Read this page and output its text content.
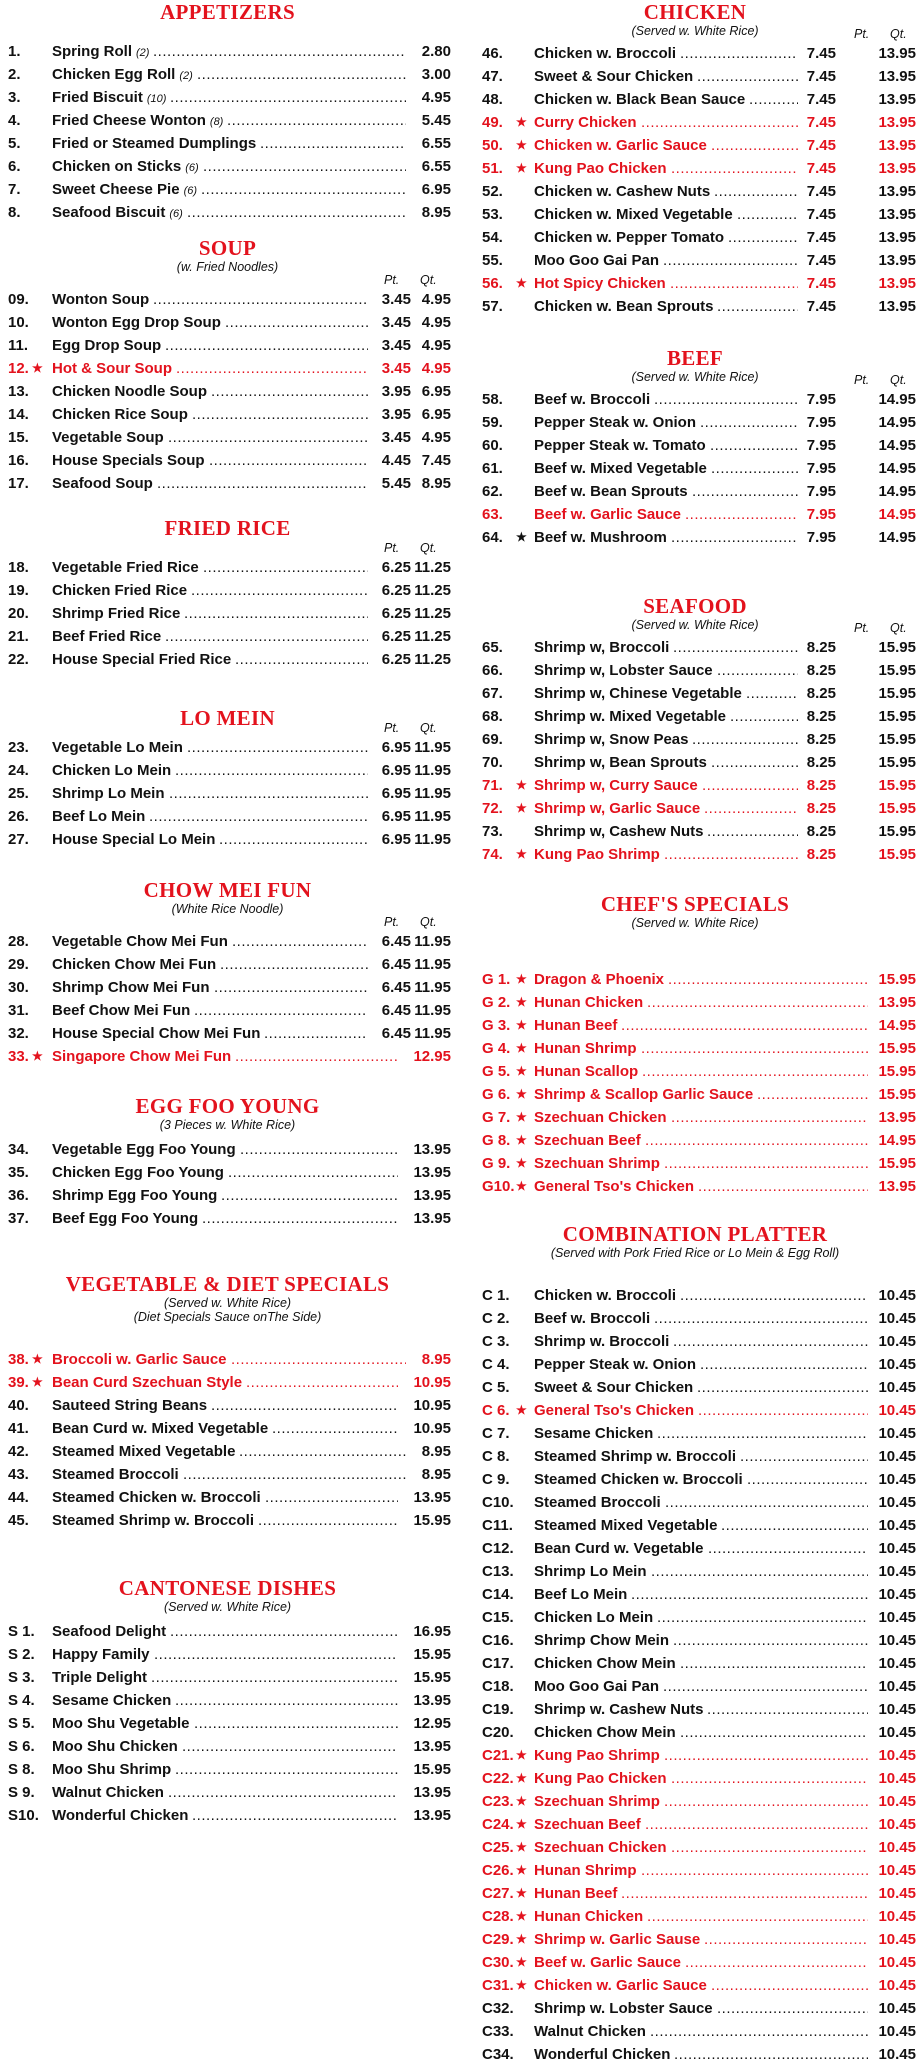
APPETIZERS
1. Spring Roll (2) .....	2.80
2. Chicken Egg Roll (2) .....	3.00
3. Fried Biscuit (10) .....	4.95
4. Fried Cheese Wonton (8) .....	5.45
5. Fried or Steamed Dumplings .....	6.55
6. Chicken on Sticks (6) .....	6.55
7. Sweet Cheese Pie (6) .....	6.95
8. Seafood Biscuit (6) .....	8.95
SOUP
(w. Fried Noodles)
Pt. Qt.
09. Wonton Soup .....	3.45 4.95
10. Wonton Egg Drop Soup .....	3.45 4.95
11. Egg Drop Soup .....	3.45 4.95
12. ★ Hot & Sour Soup .....	3.45 4.95
13. Chicken Noodle Soup .....	3.95 6.95
14. Chicken Rice Soup .....	3.95 6.95
15. Vegetable Soup .....	3.45 4.95
16. House Specials Soup .....	4.45 7.45
17. Seafood Soup .....	5.45 8.95
FRIED RICE
Pt. Qt.
18. Vegetable Fried Rice .....	6.25 11.25
19. Chicken Fried Rice .....	6.25 11.25
20. Shrimp Fried Rice .....	6.25 11.25
21. Beef Fried Rice .....	6.25 11.25
22. House Special Fried Rice .....	6.25 11.25
LO MEIN	Pt. Qt.
23. Vegetable Lo Mein .....	6.95 11.95
24. Chicken Lo Mein .....	6.95 11.95
25. Shrimp Lo Mein .....	6.95 11.95
26. Beef Lo Mein .....	6.95 11.95
27. House Special Lo Mein .....	6.95 11.95
CHOW MEI FUN
(White Rice Noodle)
Pt. Qt.
28. Vegetable Chow Mei Fun .....	6.45 11.95
29. Chicken Chow Mei Fun .....	6.45 11.95
30. Shrimp Chow Mei Fun .....	6.45 11.95
31. Beef Chow Mei Fun .....	6.45 11.95
32. House Special Chow Mei Fun .....	6.45 11.95
33. ★ Singapore Chow Mei Fun .....	12.95
EGG FOO YOUNG
(3 Pieces w. White Rice)
34. Vegetable Egg Foo Young .....	13.95
35. Chicken Egg Foo Young .....	13.95
36. Shrimp Egg Foo Young .....	13.95
37. Beef Egg Foo Young .....	13.95
VEGETABLE & DIET SPECIALS
(Served w. White Rice)
(Diet Specials Sauce onThe Side)
38. ★ Broccoli w. Garlic Sauce .....	8.95
39. ★ Bean Curd Szechuan Style .....	10.95
40. Sauteed String Beans .....	10.95
41. Bean Curd w. Mixed Vegetable .....	10.95
42. Steamed Mixed Vegetable .....	8.95
43. Steamed Broccoli .....	8.95
44. Steamed Chicken w. Broccoli .....	13.95
45. Steamed Shrimp w. Broccoli .....	15.95
CANTONESE DISHES
(Served w. White Rice)
S 1. Seafood Delight .....	16.95
S 2. Happy Family .....	15.95
S 3. Triple Delight .....	15.95
S 4. Sesame Chicken .....	13.95
S 5. Moo Shu Vegetable .....	12.95
S 6. Moo Shu Chicken .....	13.95
S 8. Moo Shu Shrimp .....	15.95
S 9. Walnut Chicken .....	13.95
S10. Wonderful Chicken .....	13.95
CHICKEN
(Served w. White Rice)	Pt. Qt.
46. Chicken w. Broccoli .....	7.45	13.95
47. Sweet & Sour Chicken .....	7.45	13.95
48. Chicken w. Black Bean Sauce .....	7.45	13.95
49. ★ Curry Chicken .....	7.45	13.95
50. ★ Chicken w. Garlic Sauce .....	7.45	13.95
51. ★ Kung Pao Chicken .....	7.45	13.95
52. Chicken w. Cashew Nuts .....	7.45	13.95
53. Chicken w. Mixed Vegetable .....	7.45	13.95
54. Chicken w. Pepper Tomato .....	7.45	13.95
55. Moo Goo Gai Pan .....	7.45	13.95
56. ★ Hot Spicy Chicken .....	7.45	13.95
57. Chicken w. Bean Sprouts .....	7.45	13.95
BEEF
(Served w. White Rice)	Pt. Qt.
58. Beef w. Broccoli .....	7.95	14.95
59. Pepper Steak w. Onion .....	7.95	14.95
60. Pepper Steak w. Tomato .....	7.95	14.95
61. Beef w. Mixed Vegetable .....	7.95	14.95
62. Beef w. Bean Sprouts .....	7.95	14.95
63. Beef w. Garlic Sauce .....	7.95	14.95
64. ★ Beef w. Mushroom .....	7.95	14.95
SEAFOOD
(Served w. White Rice)	Pt. Qt.
65. Shrimp w, Broccoli .....	8.25	15.95
66. Shrimp w, Lobster Sauce .....	8.25	15.95
67. Shrimp w, Chinese Vegetable .....	8.25	15.95
68. Shrimp w. Mixed Vegetable .....	8.25	15.95
69. Shrimp w, Snow Peas .....	8.25	15.95
70. Shrimp w, Bean Sprouts .....	8.25	15.95
71. ★ Shrimp w, Curry Sauce .....	8.25	15.95
72. ★ Shrimp w, Garlic Sauce .....	8.25	15.95
73. Shrimp w, Cashew Nuts .....	8.25	15.95
74. ★ Kung Pao Shrimp .....	8.25	15.95
CHEF'S SPECIALS
(Served w. White Rice)
G 1. ★ Dragon & Phoenix .....	15.95
G 2. ★ Hunan Chicken .....	13.95
G 3. ★ Hunan Beef .....	14.95
G 4. ★ Hunan Shrimp .....	15.95
G 5. ★ Hunan Scallop .....	15.95
G 6. ★ Shrimp & Scallop Garlic Sauce .....	15.95
G 7. ★ Szechuan Chicken .....	13.95
G 8. ★ Szechuan Beef .....	14.95
G 9. ★ Szechuan Shrimp .....	15.95
G10. ★ General Tso's Chicken .....	13.95
COMBINATION PLATTER
(Served with Pork Fried Rice or Lo Mein & Egg Roll)
C 1. Chicken w. Broccoli .....	10.45
C 2. Beef w. Broccoli .....	10.45
C 3. Shrimp w. Broccoli .....	10.45
C 4. Pepper Steak w. Onion .....	10.45
C 5. Sweet & Sour Chicken .....	10.45
C 6. ★ General Tso's Chicken .....	10.45
C 7. Sesame Chicken .....	10.45
C 8. Steamed Shrimp w. Broccoli .....	10.45
C 9. Steamed Chicken w. Broccoli .....	10.45
C10. Steamed Broccoli .....	10.45
C11. Steamed Mixed Vegetable .....	10.45
C12. Bean Curd w. Vegetable .....	10.45
C13. Shrimp Lo Mein .....	10.45
C14. Beef Lo Mein .....	10.45
C15. Chicken Lo Mein .....	10.45
C16. Shrimp Chow Mein .....	10.45
C17. Chicken Chow Mein .....	10.45
C18. Moo Goo Gai Pan .....	10.45
C19. Shrimp w. Cashew Nuts .....	10.45
C20. Chicken Chow Mein .....	10.45
C21. ★ Kung Pao Shrimp .....	10.45
C22. ★ Kung Pao Chicken .....	10.45
C23. ★ Szechuan Shrimp .....	10.45
C24. ★ Szechuan Beef .....	10.45
C25. ★ Szechuan Chicken .....	10.45
C26. ★ Hunan Shrimp .....	10.45
C27. ★ Hunan Beef .....	10.45
C28. ★ Hunan Chicken .....	10.45
C29. ★ Shrimp w. Garlic Sause .....	10.45
C30. ★ Beef w. Garlic Sauce .....	10.45
C31. ★ Chicken w. Garlic Sauce .....	10.45
C32. Shrimp w. Lobster Sauce .....	10.45
C33. Walnut Chicken .....	10.45
C34. Wonderful Chicken .....	10.45
